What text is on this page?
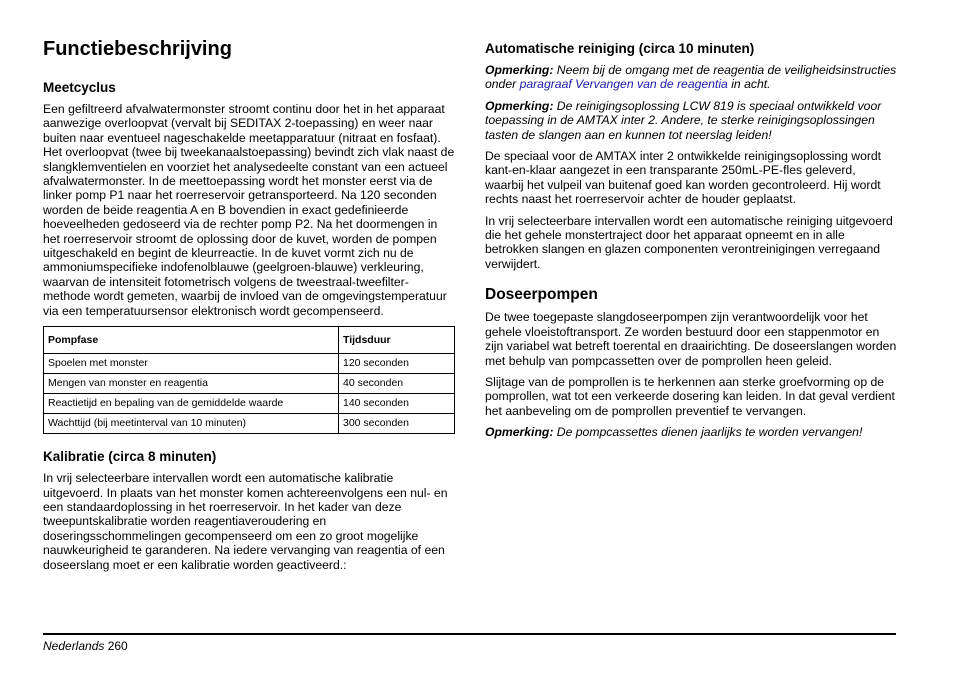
Functiebeschrijving
Meetcyclus

Een gefiltreerd afvalwatermonster stroomt continu door het in het apparaat aanwezige overloopvat (vervalt bij SEDITAX 2-toepassing) en weer naar buiten naar eventueel nageschakelde meetapparatuur (nitraat en fosfaat). Het overloopvat (twee bij tweekanaalstoepassing) bevindt zich vlak naast de slangklemventielen en voorziet het analysedeelte constant van een actueel afvalwatermonster. In de meettoepassing wordt het monster eerst via de linker pomp P1 naar het roerreservoir getransporteerd. Na 120 seconden worden de beide reagentia A en B bovendien in exact gedefinieerde hoeveelheden gedoseerd via de rechter pomp P2. Na het doormengen in het roerreservoir stroomt de oplossing door de kuvet, worden de pompen uitgeschakeld en begint de kleurreactie. In de kuvet vormt zich nu de ammoniumspecifieke indofenolblauwe (geelgroen-blauwe) verkleuring, waarvan de intensiteit fotometrisch volgens de tweestraal-tweefilter-methode wordt gemeten, waarbij de invloed van de omgevingstemperatuur via een temperatuursensor elektronisch wordt gecompenseerd.

Pompfase	Tijdsduur
Spoelen met monster	120 seconden
Mengen van monster en reagentia	40 seconden
Reactietijd en bepaling van de gemiddelde waarde	140 seconden
Wachttijd (bij meetinterval van 10 minuten)	300 seconden
Kalibratie (circa 8 minuten)

In vrij selecteerbare intervallen wordt een automatische kalibratie uitgevoerd. In plaats van het monster komen achtereenvolgens een nul- en een standaardoplossing in het roerreservoir. In het kader van deze tweepuntskalibratie worden reagentiaveroudering en doseringsschommelingen gecompenseerd om een zo groot mogelijke nauwkeurigheid te garanderen. Na iedere vervanging van reagentia of een doseerslang moet er een kalibratie worden geactiveerd.:

Automatische reiniging (circa 10 minuten)

Opmerking: Neem bij de omgang met de reagentia de veiligheidsinstructies onder paragraaf Vervangen van de reagentia in acht.

Opmerking: De reinigingsoplossing LCW 819 is speciaal ontwikkeld voor toepassing in de AMTAX inter 2. Andere, te sterke reinigingsoplossingen tasten de slangen aan en kunnen tot neerslag leiden!

De speciaal voor de AMTAX inter 2 ontwikkelde reinigingsoplossing wordt kant-en-klaar aangezet in een transparante 250mL-PE-fles geleverd, waarbij het vulpeil van buitenaf goed kan worden gecontroleerd. Hij wordt rechts naast het roerreservoir achter de houder geplaatst.

In vrij selecteerbare intervallen wordt een automatische reiniging uitgevoerd die het gehele monstertraject door het apparaat opneemt en in alle betrokken slangen en glazen componenten verontreinigingen verregaand verwijdert.

Doseerpompen

De twee toegepaste slangdoseerpompen zijn verantwoordelijk voor het gehele vloeistoftransport. Ze worden bestuurd door een stappenmotor en zijn variabel wat betreft toerental en draairichting. De doseerslangen worden met behulp van pompcassetten over de pomprollen heen geleid.

Slijtage van de pomprollen is te herkennen aan sterke groefvorming op de pomprollen, wat tot een verkeerde dosering kan leiden. In dat geval verdient het aanbeveling om de pomprollen preventief te vervangen.

Opmerking: De pompcassettes dienen jaarlijks te worden vervangen!

Nederlands 260
